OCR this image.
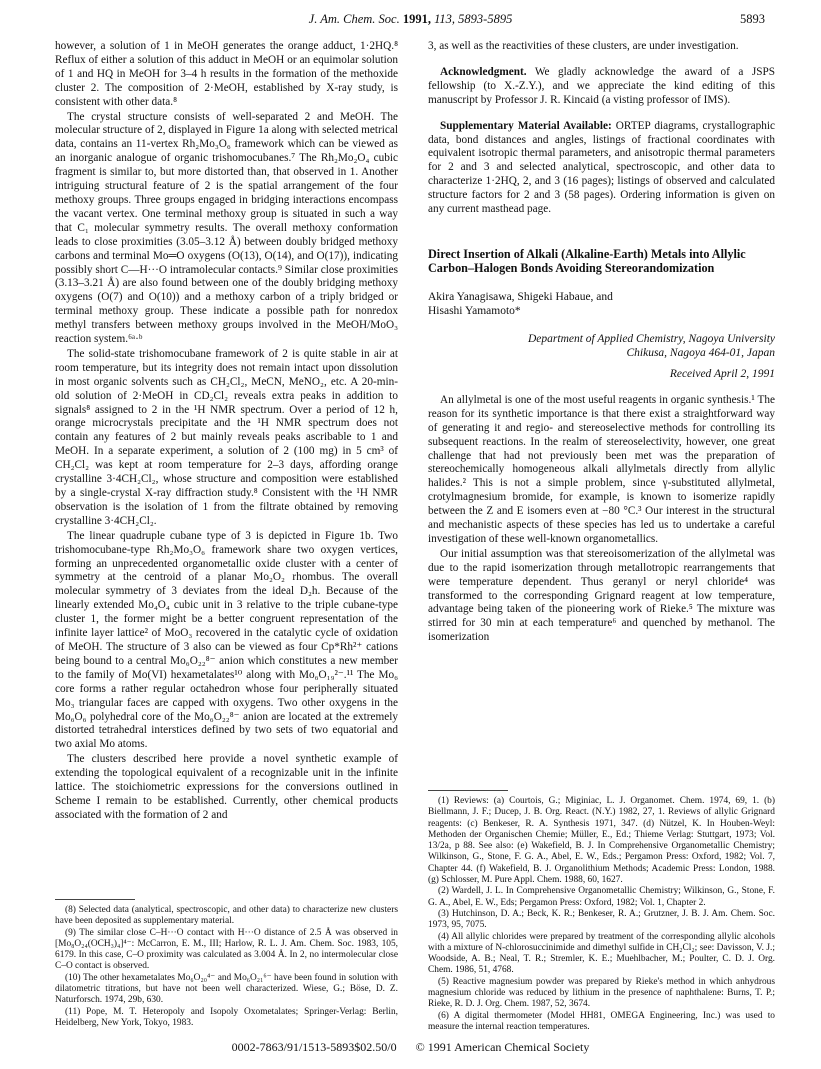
J. Am. Chem. Soc. 1991, 113, 5893-5895	5893

however, a solution of 1 in MeOH generates the orange adduct, 1·2HQ.⁸ Reflux of either a solution of this adduct in MeOH or an equimolar solution of 1 and HQ in MeOH for 3–4 h results in the formation of the methoxide cluster 2. The composition of 2·MeOH, established by X-ray study, is consistent with other data.⁸

The crystal structure consists of well-separated 2 and MeOH. The molecular structure of 2, displayed in Figure 1a along with selected metrical data, contains an 11-vertex Rh₂Mo₃O₆ framework which can be viewed as an inorganic analogue of organic trishomocubanes.⁷ The Rh₂Mo₂O₄ cubic fragment is similar to, but more distorted than, that observed in 1. Another intriguing structural feature of 2 is the spatial arrangement of the four methoxy groups. Three groups engaged in bridging interactions encompass the vacant vertex. One terminal methoxy group is situated in such a way that C₁ molecular symmetry results. The overall methoxy conformation leads to close proximities (3.05–3.12 Å) between doubly bridged methoxy carbons and terminal Mo═O oxygens (O(13), O(14), and O(17)), indicating possibly short C—H···O intramolecular contacts.⁹ Similar close proximities (3.13–3.21 Å) are also found between one of the doubly bridging methoxy oxygens (O(7) and O(10)) and a methoxy carbon of a triply bridged or terminal methoxy group. These indicate a possible path for nonredox methyl transfers between methoxy groups involved in the MeOH/MoO₃ reaction system.⁶ᵃ·ᵇ

The solid-state trishomocubane framework of 2 is quite stable in air at room temperature, but its integrity does not remain intact upon dissolution in most organic solvents such as CH₂Cl₂, MeCN, MeNO₂, etc. A 20-min-old solution of 2·MeOH in CD₂Cl₂ reveals extra peaks in addition to signals⁸ assigned to 2 in the ¹H NMR spectrum. Over a period of 12 h, orange microcrystals precipitate and the ¹H NMR spectrum does not contain any features of 2 but mainly reveals peaks ascribable to 1 and MeOH. In a separate experiment, a solution of 2 (100 mg) in 5 cm³ of CH₂Cl₂ was kept at room temperature for 2–3 days, affording orange crystalline 3·4CH₂Cl₂, whose structure and composition were established by a single-crystal X-ray diffraction study.⁸ Consistent with the ¹H NMR observation is the isolation of 1 from the filtrate obtained by removing crystalline 3·4CH₂Cl₂.

The linear quadruple cubane type of 3 is depicted in Figure 1b. Two trishomocubane-type Rh₂Mo₃O₆ framework share two oxygen vertices, forming an unprecedented organometallic oxide cluster with a center of symmetry at the centroid of a planar Mo₂O₂ rhombus. The overall molecular symmetry of 3 deviates from the ideal D₂h. Because of the linearly extended Mo₄O₄ cubic unit in 3 relative to the triple cubane-type cluster 1, the former might be a better congruent representation of the infinite layer lattice² of MoO₃ recovered in the catalytic cycle of oxidation of MeOH. The structure of 3 also can be viewed as four Cp*Rh²⁺ cations being bound to a central Mo₆O₂₂⁸⁻ anion which constitutes a new member to the family of Mo(VI) hexametalates¹⁰ along with Mo₆O₁₉²⁻.¹¹ The Mo₆ core forms a rather regular octahedron whose four peripherally situated Mo₃ triangular faces are capped with oxygens. Two other oxygens in the Mo₆O₆ polyhedral core of the Mo₆O₂₂⁸⁻ anion are located at the extremely distorted tetrahedral interstices defined by two sets of two equatorial and two axial Mo atoms.

The clusters described here provide a novel synthetic example of extending the topological equivalent of a recognizable unit in the infinite lattice. The stoichiometric expressions for the conversions outlined in Scheme I remain to be established. Currently, other chemical products associated with the formation of 2 and

(8) Selected data (analytical, spectroscopic, and other data) to characterize new clusters have been deposited as supplementary material.

(9) The similar close C–H···O contact with H···O distance of 2.5 Å was observed in [Mo₈O₂₄(OCH₃)₄]⁴⁻: McCarron, E. M., III; Harlow, R. L. J. Am. Chem. Soc. 1983, 105, 6179. In this case, C–O proximity was calculated as 3.004 Å. In 2, no intermolecular close C–O contact is observed.

(10) The other hexametalates Mo₆O₂₀⁴⁻ and Mo₆O₂₁⁶⁻ have been found in solution with dilatometric titrations, but have not been well characterized. Wiese, G.; Böse, D. Z. Naturforsch. 1974, 29b, 630.

(11) Pope, M. T. Heteropoly and Isopoly Oxometalates; Springer-Verlag: Berlin, Heidelberg, New York, Tokyo, 1983.

3, as well as the reactivities of these clusters, are under investigation.

Acknowledgment. We gladly acknowledge the award of a JSPS fellowship (to X.-Z.Y.), and we appreciate the kind editing of this manuscript by Professor J. R. Kincaid (a visting professor of IMS).

Supplementary Material Available: ORTEP diagrams, crystallographic data, bond distances and angles, listings of fractional coordinates with equivalent isotropic thermal parameters, and anisotropic thermal parameters for 2 and 3 and selected analytical, spectroscopic, and other data to characterize 1·2HQ, 2, and 3 (16 pages); listings of observed and calculated structure factors for 2 and 3 (58 pages). Ordering information is given on any current masthead page.

Direct Insertion of Alkali (Alkaline-Earth) Metals into Allylic Carbon–Halogen Bonds Avoiding Stereorandomization
Akira Yanagisawa, Shigeki Habaue, and
Hisashi Yamamoto*
Department of Applied Chemistry, Nagoya University
Chikusa, Nagoya 464-01, Japan
Received April 2, 1991

An allylmetal is one of the most useful reagents in organic synthesis.¹ The reason for its synthetic importance is that there exist a straightforward way of generating it and regio- and stereoselective methods for controlling its subsequent reactions. In the realm of stereoselectivity, however, one great challenge that had not previously been met was the preparation of stereochemically homogeneous alkali allylmetals directly from allylic halides.² This is not a simple problem, since γ-substituted allylmetal, crotylmagnesium bromide, for example, is known to isomerize rapidly between the Z and E isomers even at −80 °C.³ Our interest in the structural and mechanistic aspects of these species has led us to undertake a careful investigation of these well-known organometallics.

Our initial assumption was that stereoisomerization of the allylmetal was due to the rapid isomerization through metallotropic rearrangements that were temperature dependent. Thus geranyl or neryl chloride⁴ was transformed to the corresponding Grignard reagent at low temperature, advantage being taken of the pioneering work of Rieke.⁵ The mixture was stirred for 30 min at each temperature⁶ and quenched by methanol. The isomerization

(1) Reviews: (a) Courtois, G.; Miginiac, L. J. Organomet. Chem. 1974, 69, 1. (b) Biellmann, J. F.; Ducep, J. B. Org. React. (N.Y.) 1982, 27, 1. Reviews of allylic Grignard reagents: (c) Benkeser, R. A. Synthesis 1971, 347. (d) Nützel, K. In Houben-Weyl: Methoden der Organischen Chemie; Müller, E., Ed.; Thieme Verlag: Stuttgart, 1973; Vol. 13/2a, p 88. See also: (e) Wakefield, B. J. In Comprehensive Organometallic Chemistry; Wilkinson, G., Stone, F. G. A., Abel, E. W., Eds.; Pergamon Press: Oxford, 1982; Vol. 7, Chapter 44. (f) Wakefield, B. J. Organolithium Methods; Academic Press: London, 1988. (g) Schlosser, M. Pure Appl. Chem. 1988, 60, 1627.

(2) Wardell, J. L. In Comprehensive Organometallic Chemistry; Wilkinson, G., Stone, F. G. A., Abel, E. W., Eds; Pergamon Press: Oxford, 1982; Vol. 1, Chapter 2.

(3) Hutchinson, D. A.; Beck, K. R.; Benkeser, R. A.; Grutzner, J. B. J. Am. Chem. Soc. 1973, 95, 7075.

(4) All allylic chlorides were prepared by treatment of the corresponding allylic alcohols with a mixture of N-chlorosuccinimide and dimethyl sulfide in CH₂Cl₂; see: Davisson, V. J.; Woodside, A. B.; Neal, T. R.; Stremler, K. E.; Muehlbacher, M.; Poulter, C. D. J. Org. Chem. 1986, 51, 4768.

(5) Reactive magnesium powder was prepared by Rieke's method in which anhydrous magnesium chloride was reduced by lithium in the presence of naphthalene: Burns, T. P.; Rieke, R. D. J. Org. Chem. 1987, 52, 3674.

(6) A digital thermometer (Model HH81, OMEGA Engineering, Inc.) was used to measure the internal reaction temperatures.

0002-7863/91/1513-5893$02.50/0 © 1991 American Chemical Society
